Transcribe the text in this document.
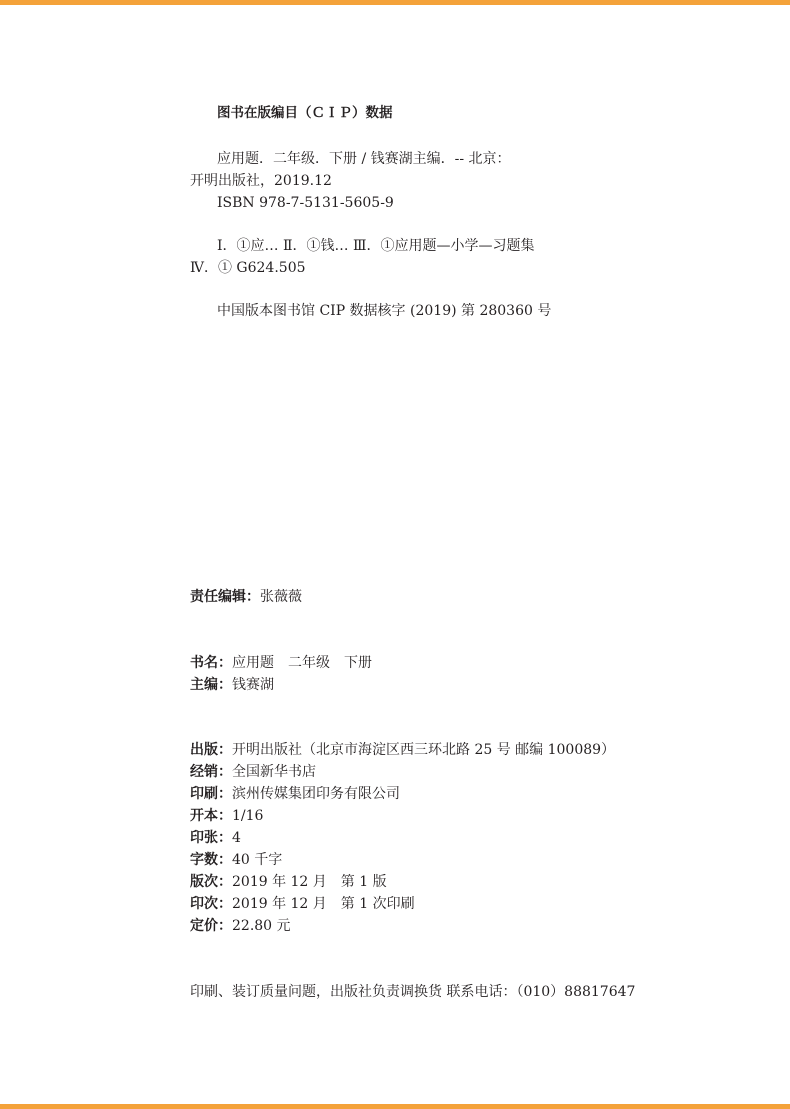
图书在版编目（ＣＩＰ）数据
应用题．二年级．下册 / 钱赛湖主编．-- 北京：
开明出版社，2019.12
ISBN 978-7-5131-5605-9
Ⅰ．①应… Ⅱ．①钱… Ⅲ．①应用题—小学—习题集
Ⅳ．① G624.505
中国版本图书馆 CIP 数据核字 (2019) 第 280360 号
责任编辑：张薇薇
书名：应用题　二年级　下册
主编：钱赛湖
出版：开明出版社（北京市海淀区西三环北路 25 号 邮编 100089）
经销：全国新华书店
印刷：滨州传媒集团印务有限公司
开本：1/16
印张：4
字数：40 千字
版次：2019 年 12 月　第 1 版
印次：2019 年 12 月　第 1 次印刷
定价：22.80 元
印刷、装订质量问题，出版社负责调换货 联系电话：（010）88817647
